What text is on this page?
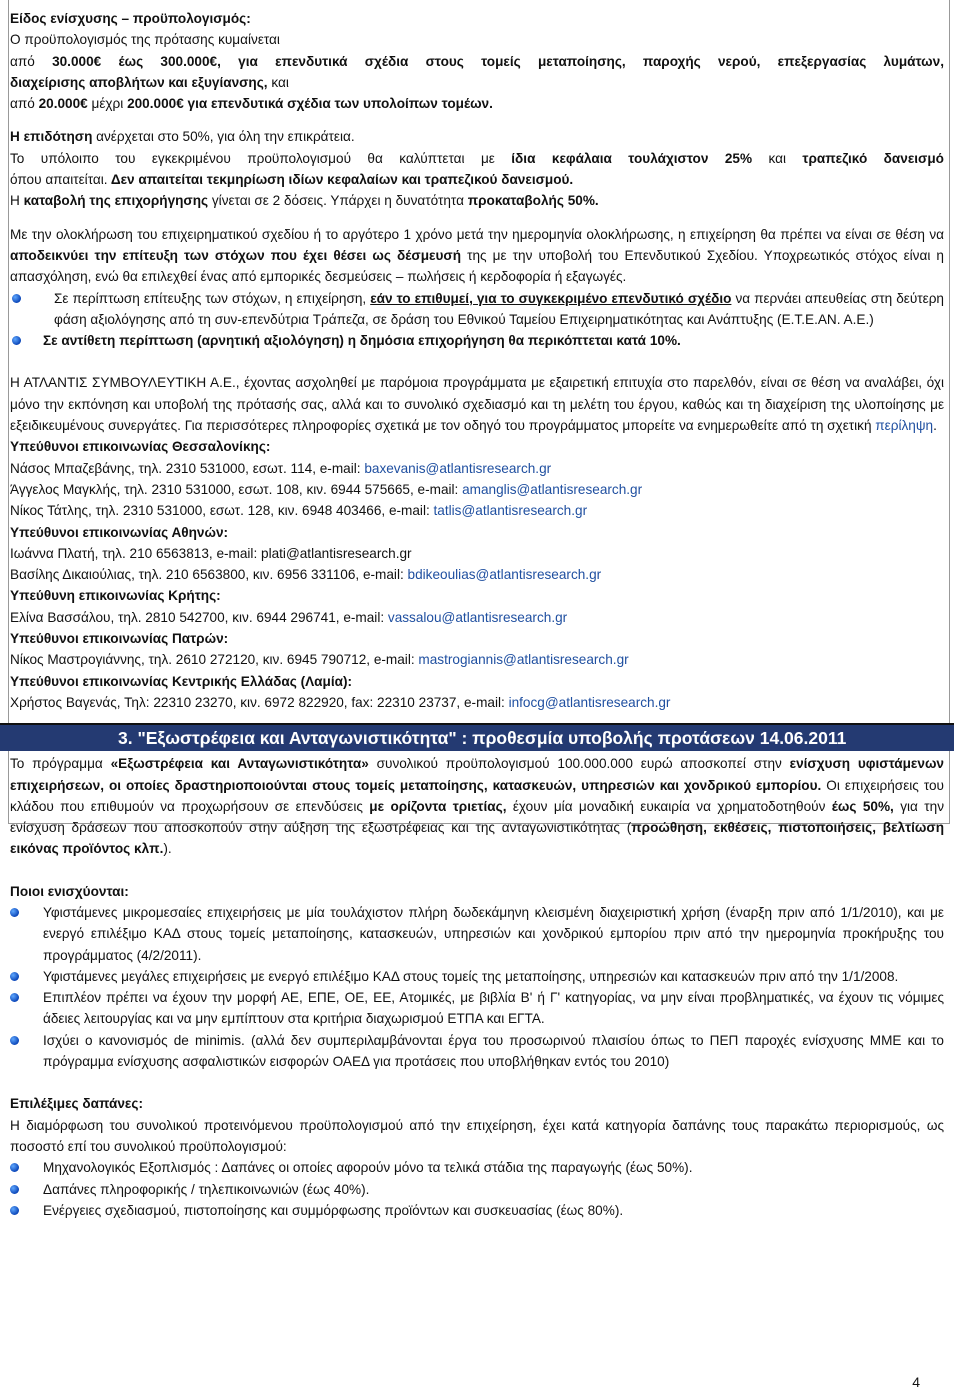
Είδος ενίσχυσης – προϋπολογισμός:

Ο προϋπολογισμός της πρότασης κυμαίνεται

από 30.000€ έως 300.000€, για επενδυτικά σχέδια στους τομείς μεταποίησης, παροχής νερού, επεξεργασίας λυμάτων,

διαχείρισης αποβλήτων και εξυγίανσης, και

από 20.000€ μέχρι 200.000€ για επενδυτικά σχέδια των υπολοίπων τομέων.

Η επιδότηση ανέρχεται στο 50%, για όλη την επικράτεια.

Το υπόλοιπο του εγκεκριμένου προϋπολογισμού θα καλύπτεται με ίδια κεφάλαια τουλάχιστον 25% και τραπεζικό δανεισμό

όπου απαιτείται. Δεν απαιτείται τεκμηρίωση ιδίων κεφαλαίων και τραπεζικού δανεισμού.

Η καταβολή της επιχορήγησης γίνεται σε 2 δόσεις. Υπάρχει η δυνατότητα προκαταβολής 50%.

Με την ολοκλήρωση του επιχειρηματικού σχεδίου ή το αργότερο 1 χρόνο μετά την ημερομηνία ολοκλήρωσης, η επιχείρηση θα πρέπει να είναι σε θέση να αποδεικνύει την επίτευξη των στόχων που έχει θέσει ως δέσμευσή της με την υποβολή του Επενδυτικού Σχεδίου. Υποχρεωτικός στόχος είναι η απασχόληση, ενώ θα επιλεχθεί ένας από εμπορικές δεσμεύσεις – πωλήσεις ή κερδοφορία ή εξαγωγές.

Σε περίπτωση επίτευξης των στόχων, η επιχείρηση, εάν το επιθυμεί, για το συγκεκριμένο επενδυτικό σχέδιο να περνάει απευθείας στη δεύτερη φάση αξιολόγησης από τη συν-επενδύτρια Τράπεζα, σε δράση του Εθνικού Ταμείου Επιχειρηματικότητας και Ανάπτυξης (Ε.Τ.Ε.ΑΝ. Α.Ε.)

Σε αντίθετη περίπτωση (αρνητική αξιολόγηση) η δημόσια επιχορήγηση θα περικόπτεται κατά 10%.

Η ΑΤΛΑΝΤΙΣ ΣΥΜΒΟΥΛΕΥΤΙΚΗ Α.Ε., έχοντας ασχοληθεί με παρόμοια προγράμματα με εξαιρετική επιτυχία στο παρελθόν, είναι σε θέση να αναλάβει, όχι μόνο την εκπόνηση και υποβολή της πρότασής σας, αλλά και το συνολικό σχεδιασμό και τη μελέτη του έργου, καθώς και τη διαχείριση της υλοποίησης με εξειδικευμένους συνεργάτες. Για περισσότερες πληροφορίες σχετικά με τον οδηγό του προγράμματος μπορείτε να ενημερωθείτε από τη σχετική περίληψη.

Υπεύθυνοι επικοινωνίας Θεσσαλονίκης:

Νάσος Μπαζεβάνης, τηλ. 2310 531000, εσωτ. 114, e-mail: baxevanis@atlantisresearch.gr

Άγγελος Μαγκλής, τηλ. 2310 531000, εσωτ. 108, κιν. 6944 575665, e-mail: amanglis@atlantisresearch.gr

Νίκος Τάτλης, τηλ. 2310 531000, εσωτ. 128, κιν. 6948 403466, e-mail: tatlis@atlantisresearch.gr

Υπεύθυνοι επικοινωνίας Αθηνών:

Ιωάννα Πλατή, τηλ. 210 6563813, e-mail: plati@atlantisresearch.gr

Βασίλης Δικαιούλιας, τηλ. 210 6563800, κιν. 6956 331106, e-mail: bdikeoulias@atlantisresearch.gr

Υπεύθυνη επικοινωνίας Κρήτης:

Ελίνα Βασσάλου, τηλ. 2810 542700, κιν. 6944 296741, e-mail: vassalou@atlantisresearch.gr

Υπεύθυνοι επικοινωνίας Πατρών:

Νίκος Μαστρογιάννης, τηλ. 2610 272120, κιν. 6945 790712, e-mail: mastrogiannis@atlantisresearch.gr

Υπεύθυνοι επικοινωνίας Κεντρικής Ελλάδας (Λαμία):

Χρήστος Βαγενάς, Τηλ: 22310 23270, κιν. 6972 822920, fax: 22310 23737, e-mail: infocg@atlantisresearch.gr

3. "Εξωστρέφεια και Ανταγωνιστικότητα" : προθεσμία υποβολής προτάσεων 14.06.2011

Το πρόγραμμα «Εξωστρέφεια και Ανταγωνιστικότητα» συνολικού προϋπολογισμού 100.000.000 ευρώ αποσκοπεί στην ενίσχυση υφιστάμενων επιχειρήσεων, οι οποίες δραστηριοποιούνται στους τομείς μεταποίησης, κατασκευών, υπηρεσιών και χονδρικού εμπορίου. Οι επιχειρήσεις του κλάδου που επιθυμούν να προχωρήσουν σε επενδύσεις με ορίζοντα τριετίας, έχουν μία μοναδική ευκαιρία να χρηματοδοτηθούν έως 50%, για την ενίσχυση δράσεων που αποσκοπούν στην αύξηση της εξωστρέφειας και της ανταγωνιστικότητας (προώθηση, εκθέσεις, πιστοποιήσεις, βελτίωση εικόνας προϊόντος κλπ.).

Ποιοι ενισχύονται:

Υφιστάμενες μικρομεσαίες επιχειρήσεις με μία τουλάχιστον πλήρη δωδεκάμηνη κλεισμένη διαχειριστική χρήση (έναρξη πριν από 1/1/2010), και με ενεργό επιλέξιμο ΚΑΔ στους τομείς μεταποίησης, κατασκευών, υπηρεσιών και χονδρικού εμπορίου πριν από την ημερομηνία προκήρυξης του προγράμματος (4/2/2011).

Υφιστάμενες μεγάλες επιχειρήσεις με ενεργό επιλέξιμο ΚΑΔ στους τομείς της μεταποίησης, υπηρεσιών και κατασκευών πριν από την 1/1/2008.

Επιπλέον πρέπει να έχουν την μορφή ΑΕ, ΕΠΕ, ΟΕ, ΕΕ, Ατομικές, με βιβλία Β' ή Γ' κατηγορίας, να μην είναι προβληματικές, να έχουν τις νόμιμες άδειες λειτουργίας και να μην εμπίπτουν στα κριτήρια διαχωρισμού ΕΤΠΑ και ΕΓΤΑ.

Ισχύει ο κανονισμός de minimis. (αλλά δεν συμπεριλαμβάνονται έργα του προσωρινού πλαισίου όπως το ΠΕΠ παροχές ενίσχυσης ΜΜΕ και το πρόγραμμα ενίσχυσης ασφαλιστικών εισφορών ΟΑΕΔ για προτάσεις που υποβλήθηκαν εντός του 2010)

Επιλέξιμες δαπάνες:

Η διαμόρφωση του συνολικού προτεινόμενου προϋπολογισμού από την επιχείρηση, έχει κατά κατηγορία δαπάνης τους παρακάτω περιορισμούς, ως ποσοστό επί του συνολικού προϋπολογισμού:

Μηχανολογικός Εξοπλισμός : Δαπάνες οι οποίες αφορούν μόνο τα τελικά στάδια της παραγωγής (έως 50%).

Δαπάνες πληροφορικής / τηλεπικοινωνιών (έως 40%).

Ενέργειες σχεδιασμού, πιστοποίησης και συμμόρφωσης προϊόντων και συσκευασίας (έως 80%).

4
